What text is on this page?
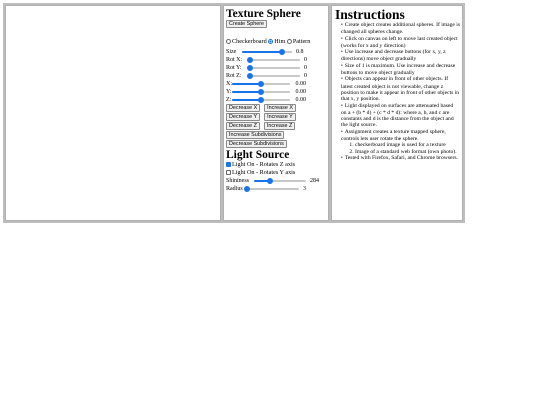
Texture Sphere
Create Sphere
Checkerboard Him Pattern
Size	0.8
Rot X:	0
Rot Y:	0
Rot Z:	0
X:	0.00
Y:	0.00
Z:	0.00
Decrease X Increase X
Decrease Y Increase Y
Decrease Z Increase Z
Increase Subdivisions
Decrease Subdivisions
Light Source
Light On - Rotates Z axis
Light On - Rotates Y axis
Shininess	284
Radius	3
Instructions
• Create object creates additional spheres. If image is changed all spheres change.
• Click on canvas on left to move last created object (works for x and y direction)
• Use increase and decrease buttons (for x, y, z directions) move object gradually
• Size of 1 is maximum. Use increase and decrease buttons to move object gradually
• Objects can appear in front of other objects. If latest created object is not viewable, change z position to make it appear in front of other objects in that x, y position.
• Light displayed on surfaces are attenuated based on a + (b * d) + (c * d * d): where a, b, and c are constants and d is the distance from the object and the light source.
• Assignment creates a texture mapped sphere, controls lets user rotate the sphere.
1. checkerboard image is used for a texture
2. Image of a standard web format (own photo).
• Tested with Firefox, Safari, and Chrome browsers.
